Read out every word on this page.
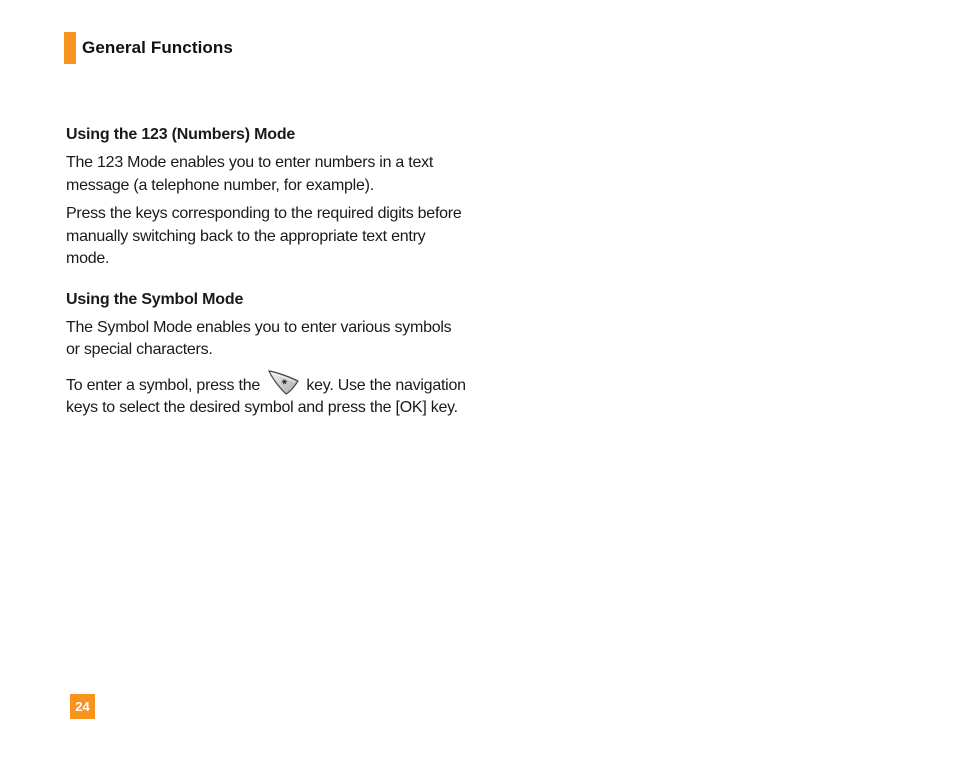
General Functions
Using the 123 (Numbers) Mode

The 123 Mode enables you to enter numbers in a text message (a telephone number, for example).

Press the keys corresponding to the required digits before manually switching back to the appropriate text entry mode.

Using the Symbol Mode

The Symbol Mode enables you to enter various symbols or special characters.

To enter a symbol, press the * key. Use the navigation keys to select the desired symbol and press the [OK] key.

24
